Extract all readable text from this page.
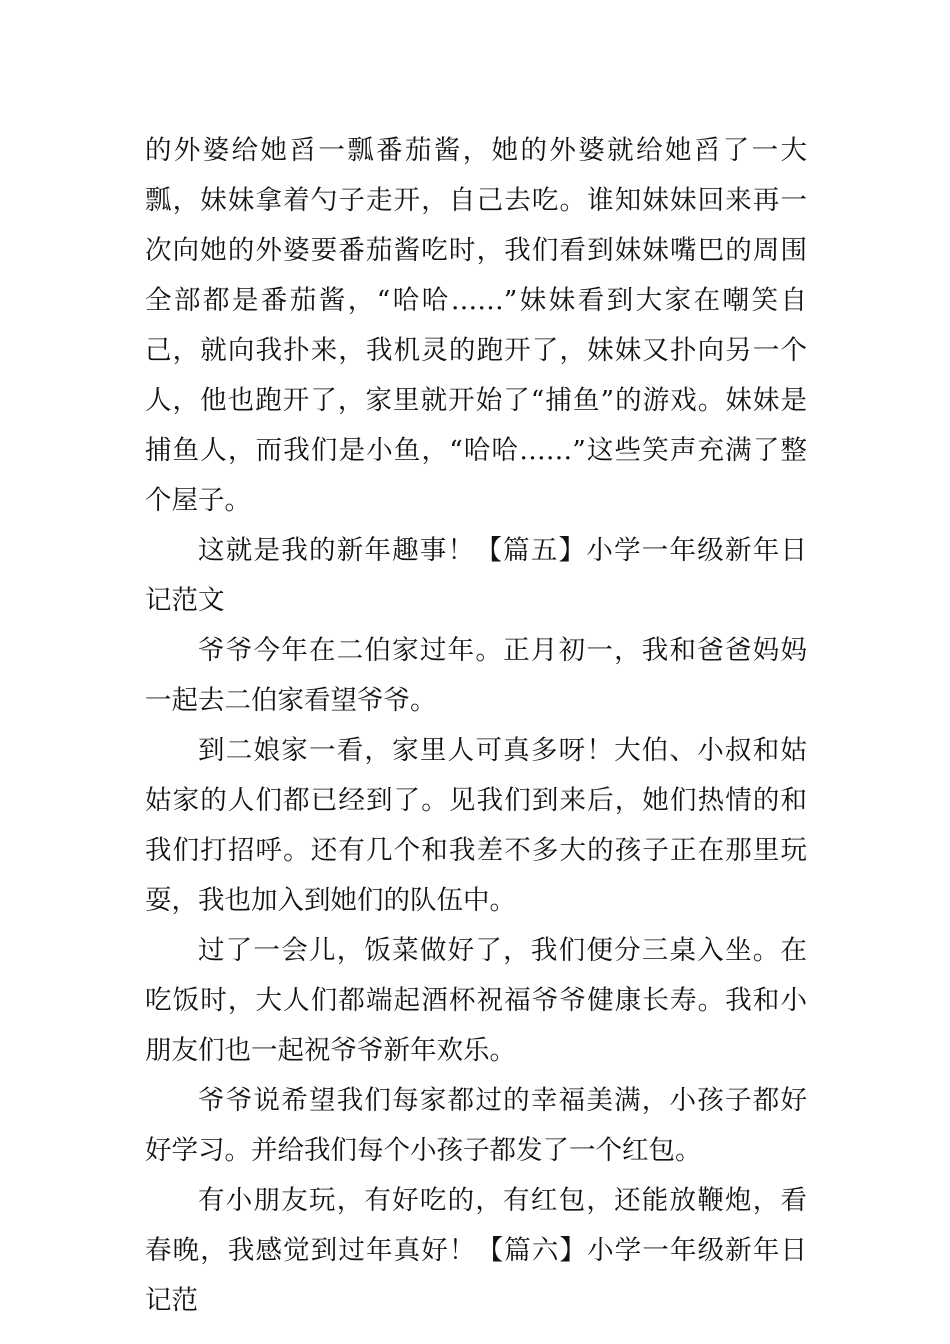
的外婆给她舀一瓢番茄酱，她的外婆就给她舀了一大瓢，妹妹拿着勺子走开，自己去吃。谁知妹妹回来再一次向她的外婆要番茄酱吃时，我们看到妹妹嘴巴的周围全部都是番茄酱，“哈哈……”妹妹看到大家在嘲笑自己，就向我扑来，我机灵的跑开了，妹妹又扑向另一个人，他也跑开了，家里就开始了“捕鱼”的游戏。妹妹是捕鱼人，而我们是小鱼，“哈哈……”这些笑声充满了整个屋子。

这就是我的新年趣事！【篇五】小学一年级新年日记范文

爷爷今年在二伯家过年。正月初一，我和爸爸妈妈一起去二伯家看望爷爷。

到二娘家一看，家里人可真多呀！大伯、小叔和姑姑家的人们都已经到了。见我们到来后，她们热情的和我们打招呼。还有几个和我差不多大的孩子正在那里玩耍，我也加入到她们的队伍中。

过了一会儿，饭菜做好了，我们便分三桌入坐。在吃饭时，大人们都端起酒杯祝福爷爷健康长寿。我和小朋友们也一起祝爷爷新年欢乐。

爷爷说希望我们每家都过的幸福美满，小孩子都好好学习。并给我们每个小孩子都发了一个红包。

有小朋友玩，有好吃的，有红包，还能放鞭炮，看春晚，我感觉到过年真好！【篇六】小学一年级新年日记范
